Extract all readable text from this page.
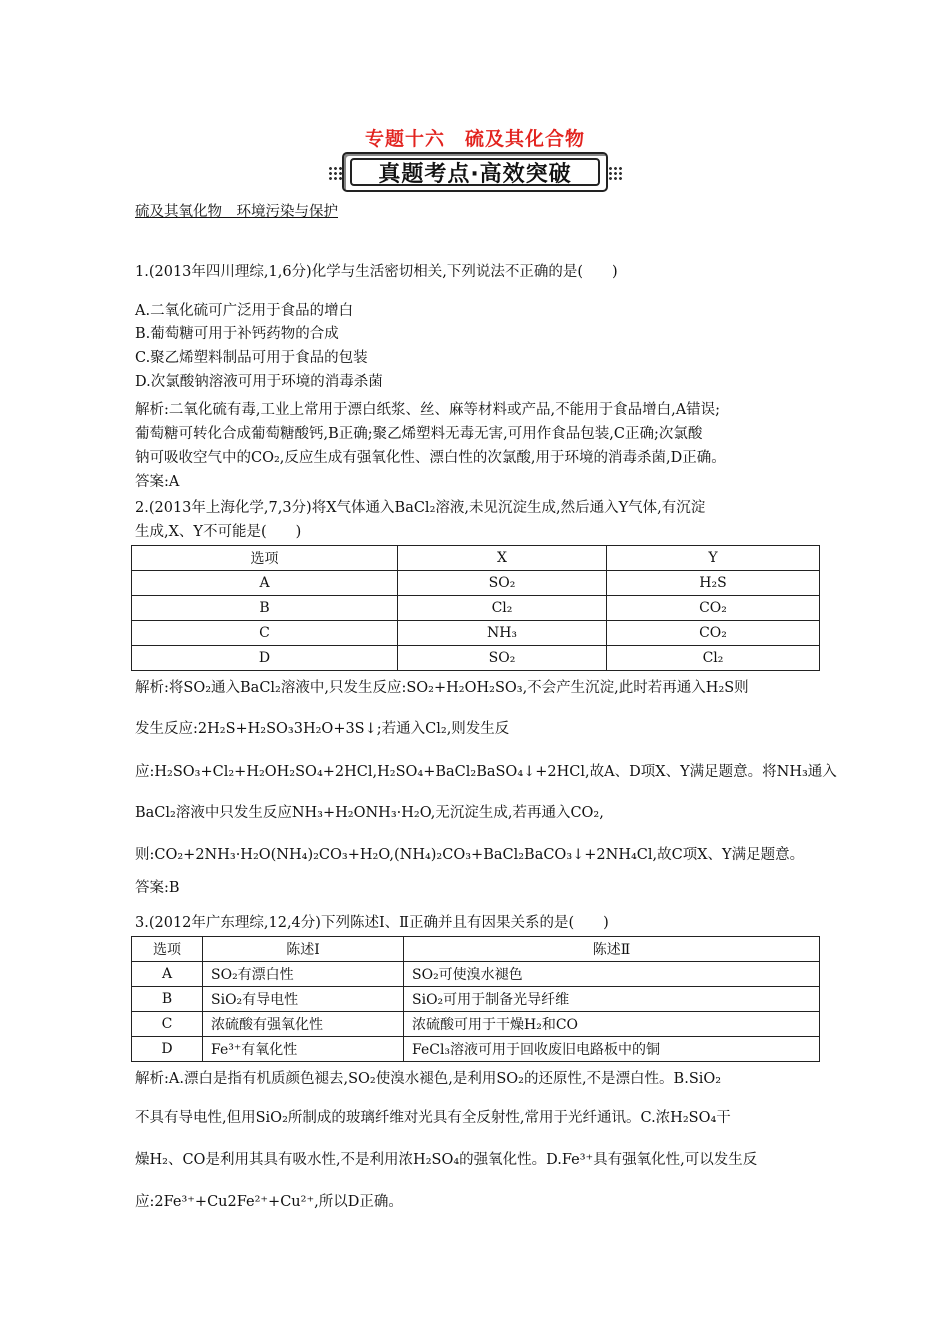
专题十六　硫及其化合物
真题考点·高效突破
硫及其氧化物　环境污染与保护
1.(2013年四川理综,1,6分)化学与生活密切相关,下列说法不正确的是(　　)
A.二氧化硫可广泛用于食品的增白
B.葡萄糖可用于补钙药物的合成
C.聚乙烯塑料制品可用于食品的包装
D.次氯酸钠溶液可用于环境的消毒杀菌
解析:二氧化硫有毒,工业上常用于漂白纸浆、丝、麻等材料或产品,不能用于食品增白,A错误;
葡萄糖可转化合成葡萄糖酸钙,B正确;聚乙烯塑料无毒无害,可用作食品包装,C正确;次氯酸
钠可吸收空气中的CO₂,反应生成有强氧化性、漂白性的次氯酸,用于环境的消毒杀菌,D正确。
答案:A
2.(2013年上海化学,7,3分)将X气体通入BaCl₂溶液,未见沉淀生成,然后通入Y气体,有沉淀
生成,X、Y不可能是(　　)
选项	X	Y
A	SO₂	H₂S
B	Cl₂	CO₂
C	NH₃	CO₂
D	SO₂	Cl₂
解析:将SO₂通入BaCl₂溶液中,只发生反应:SO₂+H₂OH₂SO₃,不会产生沉淀,此时若再通入H₂S则
发生反应:2H₂S+H₂SO₃3H₂O+3S↓;若通入Cl₂,则发生反
应:H₂SO₃+Cl₂+H₂OH₂SO₄+2HCl,H₂SO₄+BaCl₂BaSO₄↓+2HCl,故A、D项X、Y满足题意。将NH₃通入
BaCl₂溶液中只发生反应NH₃+H₂ONH₃·H₂O,无沉淀生成,若再通入CO₂,
则:CO₂+2NH₃·H₂O(NH₄)₂CO₃+H₂O,(NH₄)₂CO₃+BaCl₂BaCO₃↓+2NH₄Cl,故C项X、Y满足题意。
答案:B
3.(2012年广东理综,12,4分)下列陈述Ⅰ、Ⅱ正确并且有因果关系的是(　　)
选项	陈述Ⅰ	陈述Ⅱ
A	SO₂有漂白性	SO₂可使溴水褪色
B	SiO₂有导电性	SiO₂可用于制备光导纤维
C	浓硫酸有强氧化性	浓硫酸可用于干燥H₂和CO
D	Fe³⁺有氧化性	FeCl₃溶液可用于回收废旧电路板中的铜
解析:A.漂白是指有机质颜色褪去,SO₂使溴水褪色,是利用SO₂的还原性,不是漂白性。B.SiO₂
不具有导电性,但用SiO₂所制成的玻璃纤维对光具有全反射性,常用于光纤通讯。C.浓H₂SO₄干
燥H₂、CO是利用其具有吸水性,不是利用浓H₂SO₄的强氧化性。D.Fe³⁺具有强氧化性,可以发生反
应:2Fe³⁺+Cu2Fe²⁺+Cu²⁺,所以D正确。
